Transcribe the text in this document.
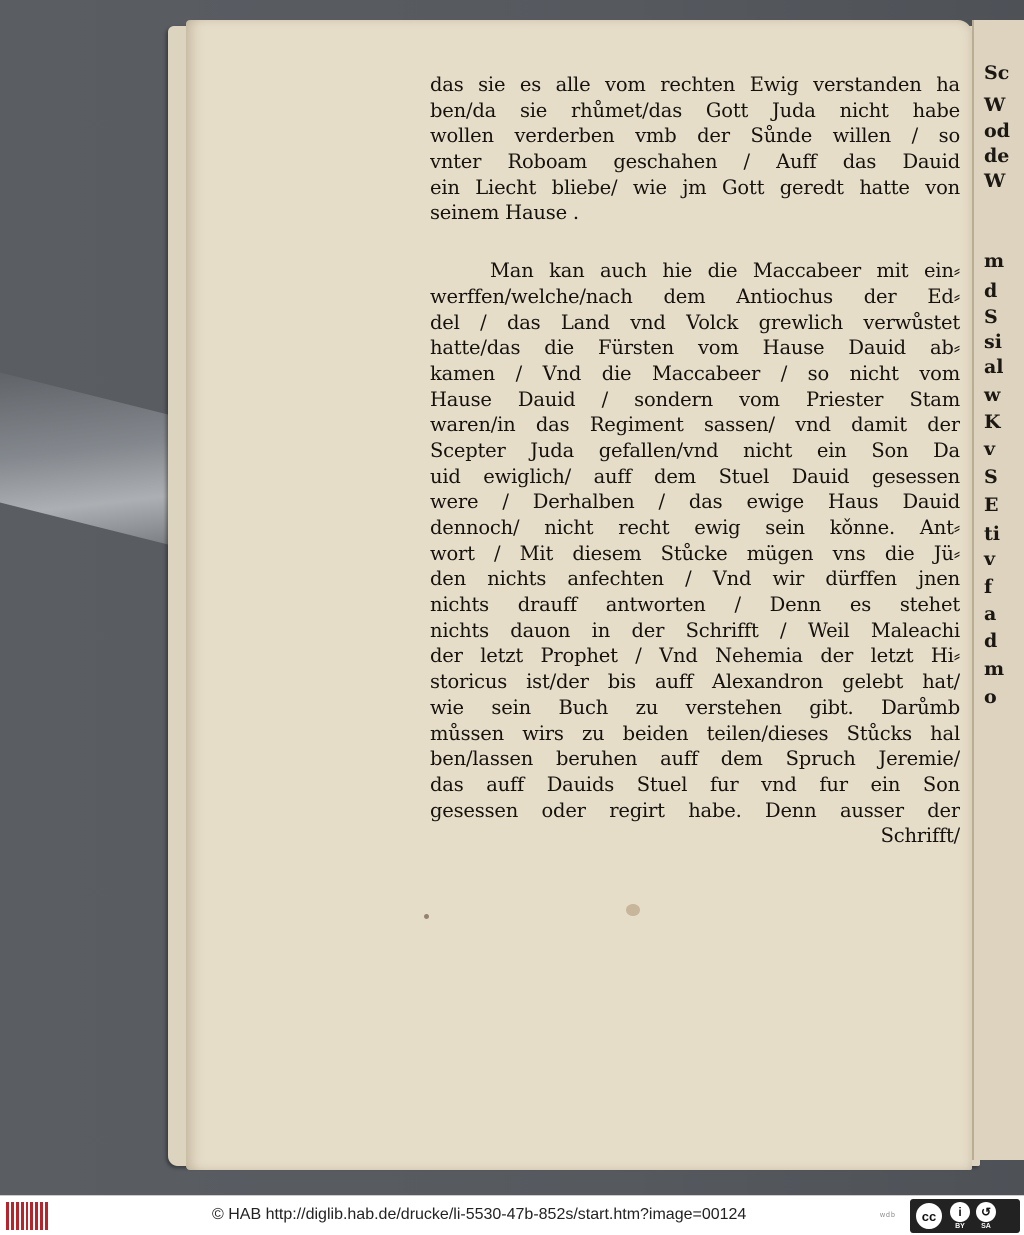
Sc
W
od
de
W
m
d
S
si
al
w
K
v
S
E
ti
v
f
a
d
m
o
das sie es alle vom rechten Ewig verstanden ha
ben/da sie rhůmet/das Gott Juda nicht habe
wollen verderben vmb der Sůnde willen / so
vnter Roboam geschahen / Auff das Dauid
ein Liecht bliebe/ wie jm Gott geredt hatte von
seinem Hause .
Man kan auch hie die Maccabeer mit ein⸗
werffen/welche/nach dem Antiochus der Ed⸗
del / das Land vnd Volck grewlich verwůstet
hatte/das die Fürsten vom Hause Dauid ab⸗
kamen / Vnd die Maccabeer / so nicht vom
Hause Dauid / sondern vom Priester Stam
waren/in das Regiment sassen/ vnd damit der
Scepter Juda gefallen/vnd nicht ein Son Da
uid ewiglich/ auff dem Stuel Dauid gesessen
were / Derhalben / das ewige Haus Dauid
dennoch/ nicht recht ewig sein kǒnne. Ant⸗
wort / Mit diesem Stůcke mügen vns die Jü⸗
den nichts anfechten / Vnd wir dürffen jnen
nichts drauff antworten / Denn es stehet
nichts dauon in der Schrifft / Weil Maleachi
der letzt Prophet / Vnd Nehemia der letzt Hi⸗
storicus ist/der bis auff Alexandron gelebt hat/
wie sein Buch zu verstehen gibt. Darůmb
můssen wirs zu beiden teilen/dieses Stůcks hal
ben/lassen beruhen auff dem Spruch Jeremie/
das auff Dauids Stuel fur vnd fur ein Son
gesessen oder regirt habe. Denn ausser der
Schrifft/
© HAB http://diglib.hab.de/drucke/li-5530-47b-852s/start.htm?image=00124	wdb	cc	i
BY
↺
SA
